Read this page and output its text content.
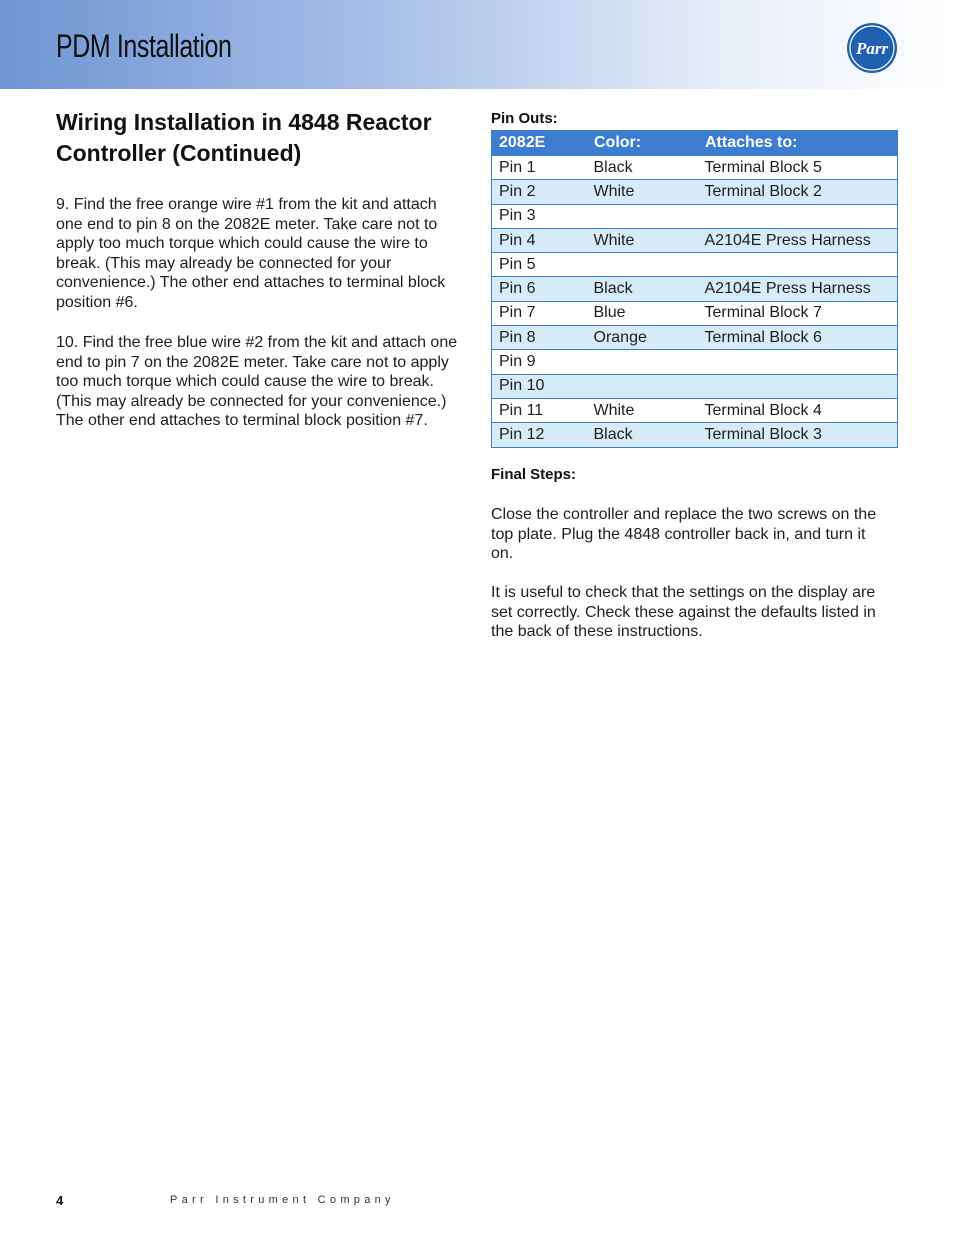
PDM Installation	Parr
Wiring Installation in 4848 Reactor Controller (Continued)

9. Find the free orange wire #1 from the kit and attach one end to pin 8 on the 2082E meter. Take care not to apply too much torque which could cause the wire to break. (This may already be connected for your convenience.) The other end attaches to terminal block position #6.

10. Find the free blue wire #2 from the kit and attach one end to pin 7 on the 2082E meter. Take care not to apply too much torque which could cause the wire to break. (This may already be connected for your convenience.) The other end attaches to terminal block position #7.

Pin Outs:

2082E	Color:	Attaches to:
Pin 1	Black	Terminal Block 5
Pin 2	White	Terminal Block 2
Pin 3		
Pin 4	White	A2104E Press Harness
Pin 5		
Pin 6	Black	A2104E Press Harness
Pin 7	Blue	Terminal Block 7
Pin 8	Orange	Terminal Block 6
Pin 9		
Pin 10		
Pin 11	White	Terminal Block 4
Pin 12	Black	Terminal Block 3

Final Steps:

Close the controller and replace the two screws on the top plate. Plug the 4848 controller back in, and turn it on.

It is useful to check that the settings on the display are set correctly. Check these against the defaults listed in the back of these instructions.

4	Parr Instrument Company
